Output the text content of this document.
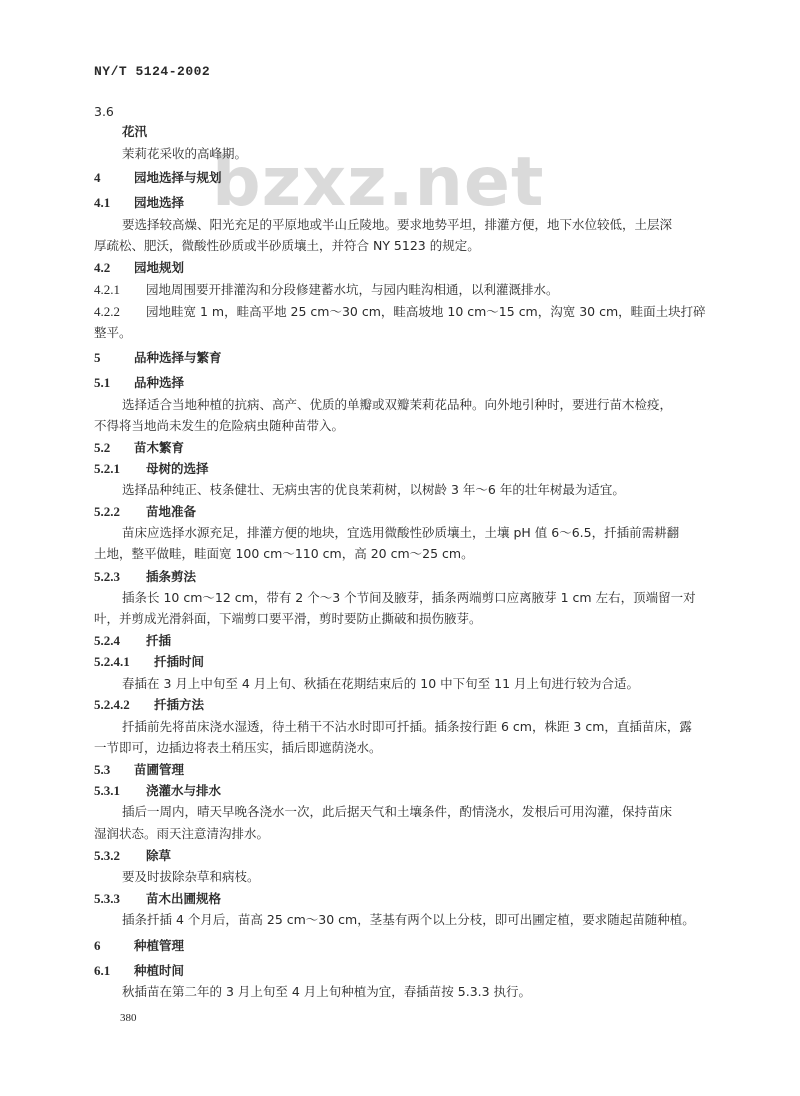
bzxz.net
NY/T 5124-2002
3.6
花汛
茉莉花采收的高峰期。
4	园地选择与规划
4.1 园地选择
要选择较高燥、阳光充足的平原地或半山丘陵地。要求地势平坦，排灌方便，地下水位较低，土层深
厚疏松、肥沃，微酸性砂质或半砂质壤土，并符合 NY 5123 的规定。
4.2 园地规划
4.2.1 园地周围要开排灌沟和分段修建蓄水坑，与园内畦沟相通，以利灌溉排水。
4.2.2 园地畦宽 1 m，畦高平地 25 cm～30 cm，畦高坡地 10 cm～15 cm，沟宽 30 cm，畦面土块打碎
整平。
5	品种选择与繁育
5.1 品种选择
选择适合当地种植的抗病、高产、优质的单瓣或双瓣茉莉花品种。向外地引种时，要进行苗木检疫，
不得将当地尚未发生的危险病虫随种苗带入。
5.2 苗木繁育
5.2.1 母树的选择
选择品种纯正、枝条健壮、无病虫害的优良茉莉树，以树龄 3 年～6 年的壮年树最为适宜。
5.2.2 苗地准备
苗床应选择水源充足，排灌方便的地块，宜选用微酸性砂质壤土，土壤 pH 值 6～6.5，扦插前需耕翻
土地，整平做畦，畦面宽 100 cm～110 cm，高 20 cm～25 cm。
5.2.3 插条剪法
插条长 10 cm～12 cm，带有 2 个～3 个节间及腋芽，插条两端剪口应离腋芽 1 cm 左右，顶端留一对
叶，并剪成光滑斜面，下端剪口要平滑，剪时要防止撕破和损伤腋芽。
5.2.4 扦插
5.2.4.1 扦插时间
春插在 3 月上中旬至 4 月上旬、秋插在花期结束后的 10 中下旬至 11 月上旬进行较为合适。
5.2.4.2 扦插方法
扦插前先将苗床浇水湿透，待土稍干不沾水时即可扦插。插条按行距 6 cm，株距 3 cm，直插苗床，露
一节即可，边插边将表土稍压实，插后即遮荫浇水。
5.3 苗圃管理
5.3.1 浇灌水与排水
插后一周内，晴天早晚各浇水一次，此后据天气和土壤条件，酌情浇水，发根后可用沟灌，保持苗床
湿润状态。雨天注意清沟排水。
5.3.2 除草
要及时拔除杂草和病枝。
5.3.3 苗木出圃规格
插条扦插 4 个月后，苗高 25 cm～30 cm，茎基有两个以上分枝，即可出圃定植，要求随起苗随种植。
6	种植管理
6.1 种植时间
秋插苗在第二年的 3 月上旬至 4 月上旬种植为宜，春插苗按 5.3.3 执行。
380
